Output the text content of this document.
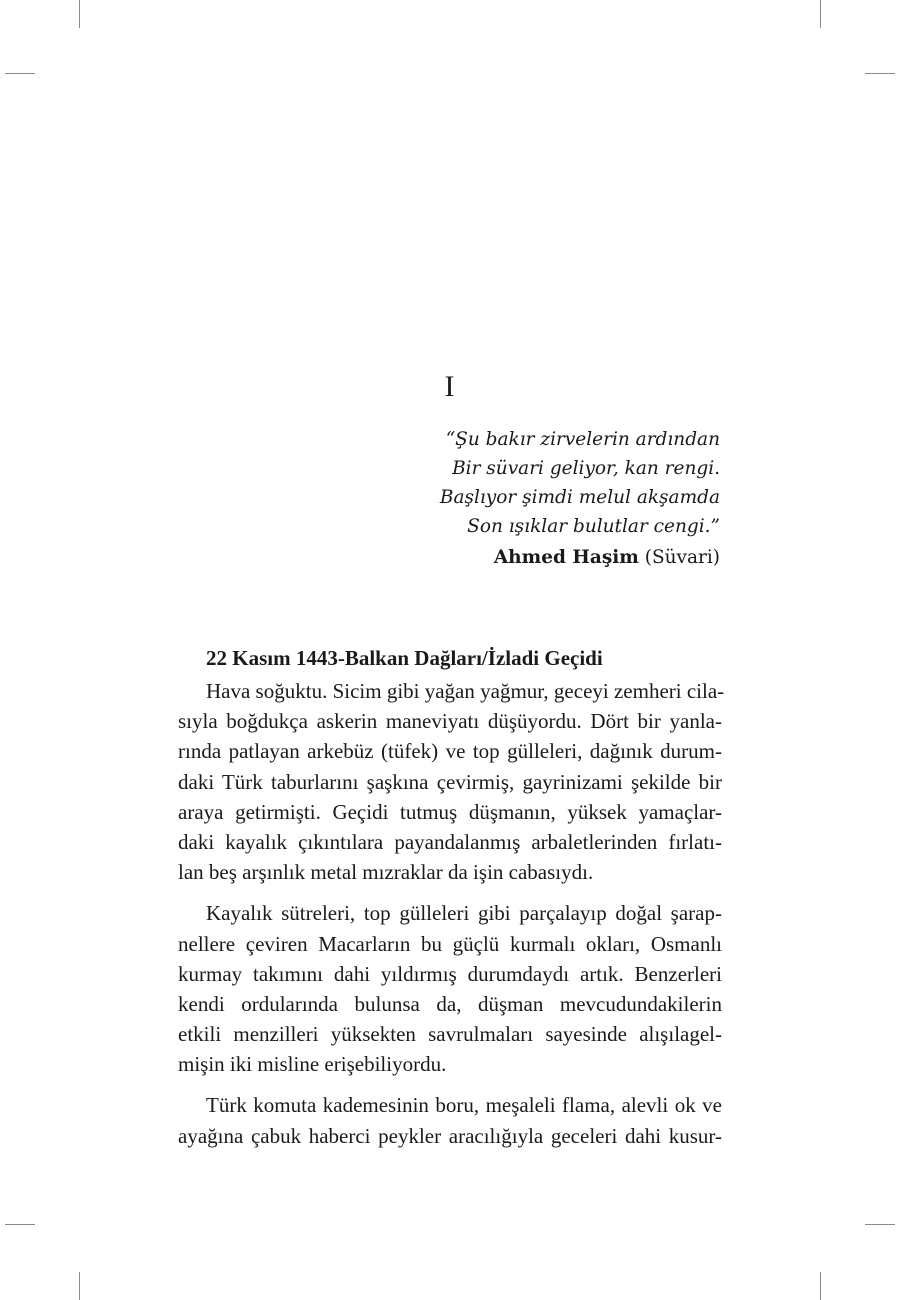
I
“Şu bakır zirvelerin ardından
Bir süvari geliyor, kan rengi.
Başlıyor şimdi melul akşamda
Son ışıklar bulutlar cengi.”
Ahmed Haşim (Süvari)
22 Kasım 1443-Balkan Dağları/İzladi Geçidi
Hava soğuktu. Sicim gibi yağan yağmur, geceyi zemheri cila-
sıyla boğdukça askerin maneviyatı düşüyordu. Dört bir yanla-
rında patlayan arkebüz (tüfek) ve top gülleleri, dağınık durum-
daki Türk taburlarını şaşkına çevirmiş, gayrinizami şekilde bir
araya getirmişti. Geçidi tutmuş düşmanın, yüksek yamaçlar-
daki kayalık çıkıntılara payandalanmış arbaletlerinden fırlatı-
lan beş arşınlık metal mızraklar da işin cabasıydı.
Kayalık sütreleri, top gülleleri gibi parçalayıp doğal şarap-
nellere çeviren Macarların bu güçlü kurmalı okları, Osmanlı
kurmay takımını dahi yıldırmış durumdaydı artık. Benzerleri
kendi ordularında bulunsa da, düşman mevcudundakilerin
etkili menzilleri yüksekten savrulmaları sayesinde alışılagel-
mişin iki misline erişebiliyordu.
Türk komuta kademesinin boru, meşaleli flama, alevli ok ve
ayağına çabuk haberci peykler aracılığıyla geceleri dahi kusur-
